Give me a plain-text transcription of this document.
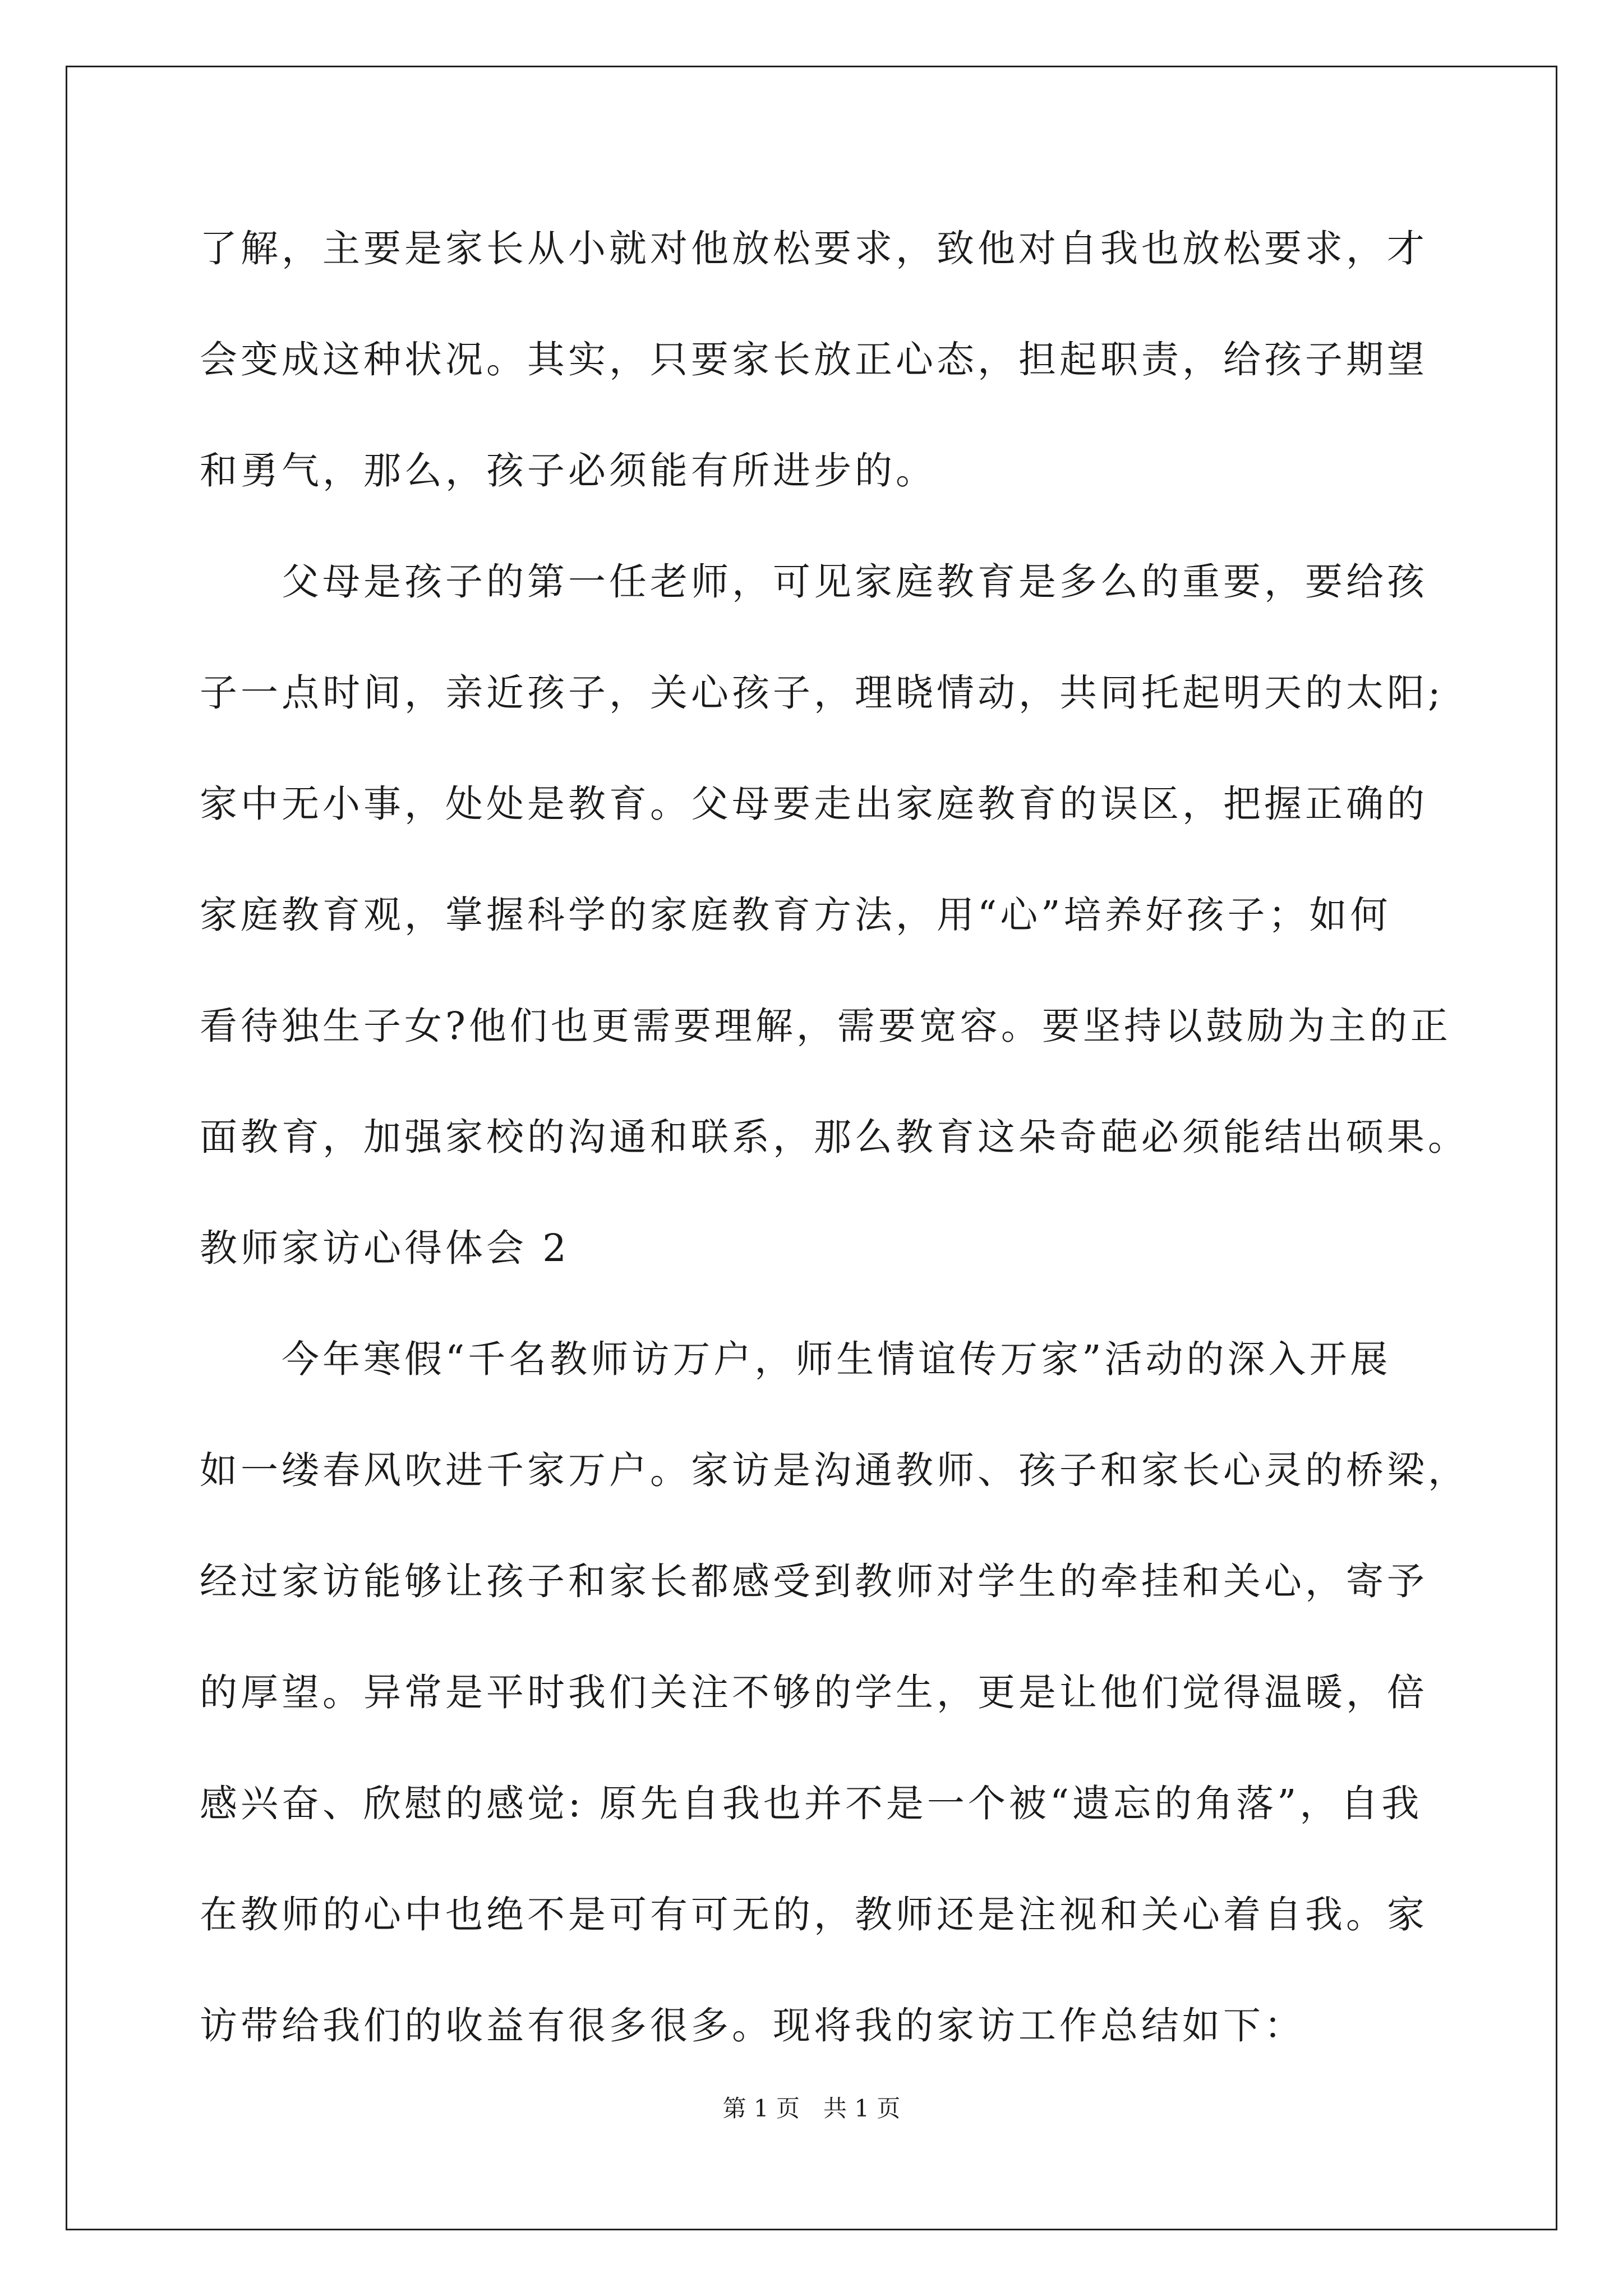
了解，主要是家长从小就对他放松要求，致他对自我也放松要求，才
会变成这种状况。其实，只要家长放正心态，担起职责，给孩子期望
和勇气，那么，孩子必须能有所进步的。
　　父母是孩子的第一任老师，可见家庭教育是多么的重要，要给孩
子一点时间，亲近孩子，关心孩子，理晓情动，共同托起明天的太阳;
家中无小事，处处是教育。父母要走出家庭教育的误区，把握正确的
家庭教育观，掌握科学的家庭教育方法，用“心”培养好孩子；如何
看待独生子女?他们也更需要理解，需要宽容。要坚持以鼓励为主的正
面教育，加强家校的沟通和联系，那么教育这朵奇葩必须能结出硕果。
教师家访心得体会 2
　　今年寒假“千名教师访万户，师生情谊传万家”活动的深入开展
如一缕春风吹进千家万户。家访是沟通教师、孩子和家长心灵的桥梁，
经过家访能够让孩子和家长都感受到教师对学生的牵挂和关心，寄予
的厚望。异常是平时我们关注不够的学生，更是让他们觉得温暖，倍
感兴奋、欣慰的感觉: 原先自我也并不是一个被“遗忘的角落”，自我
在教师的心中也绝不是可有可无的，教师还是注视和关心着自我。家
访带给我们的收益有很多很多。现将我的家访工作总结如下：
第 1 页　共 1 页
